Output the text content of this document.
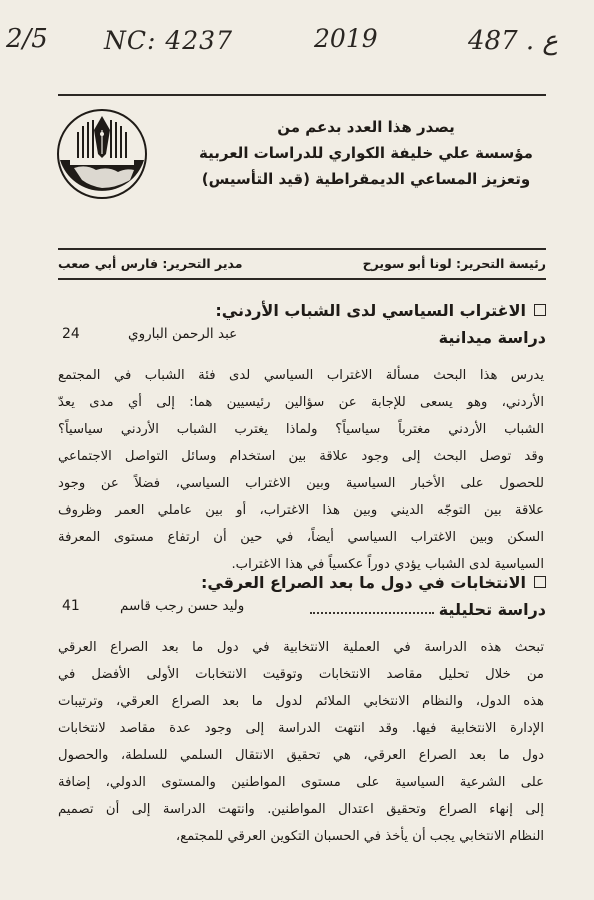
2/5 NC: 4237	2019	487 . ع
يصدر هذا العدد بدعم من
مؤسسة علي خليفة الكواري للدراسات العربية
وتعزيز المساعي الديمقراطية (قيد التأسيس)
رئيسة التحرير: لونا أبو سويرح
مدير التحرير: فارس أبي صعب
الاغتراب السياسي لدى الشباب الأردني:
دراسة ميدانية
عبد الرحمن الباروي
24
يدرس هذا البحث مسألة الاغتراب السياسي لدى فئة الشباب في المجتمع
الأردني، وهو يسعى للإجابة عن سؤالين رئيسيين هما: إلى أي مدى يعدّ
الشباب الأردني مغترباً سياسياً؟ ولماذا يغترب الشباب الأردني سياسياً؟
وقد توصل البحث إلى وجود علاقة بين استخدام وسائل التواصل الاجتماعي
للحصول على الأخبار السياسية وبين الاغتراب السياسي، فضلاً عن وجود
علاقة بين التوجّه الديني وبين هذا الاغتراب، أو بين عاملي العمر وظروف
السكن وبين الاغتراب السياسي أيضاً، في حين أن ارتفاع مستوى المعرفة
السياسية لدى الشباب يؤدي دوراً عكسياً في هذا الاغتراب.
الانتخابات في دول ما بعد الصراع العرقي:
دراسة تحليلية
وليد حسن رجب قاسم
41
تبحث هذه الدراسة في العملية الانتخابية في دول ما بعد الصراع العرقي
من خلال تحليل مقاصد الانتخابات وتوقيت الانتخابات الأولى الأفضل في
هذه الدول، والنظام الانتخابي الملائم لدول ما بعد الصراع العرقي، وترتيبات
الإدارة الانتخابية فيها. وقد انتهت الدراسة إلى وجود عدة مقاصد لانتخابات
دول ما بعد الصراع العرقي، هي تحقيق الانتقال السلمي للسلطة، والحصول
على الشرعية السياسية على مستوى المواطنين والمستوى الدولي، إضافة
إلى إنهاء الصراع وتحقيق اعتدال المواطنين. وانتهت الدراسة إلى أن تصميم
النظام الانتخابي يجب أن يأخذ في الحسبان التكوين العرقي للمجتمع،
